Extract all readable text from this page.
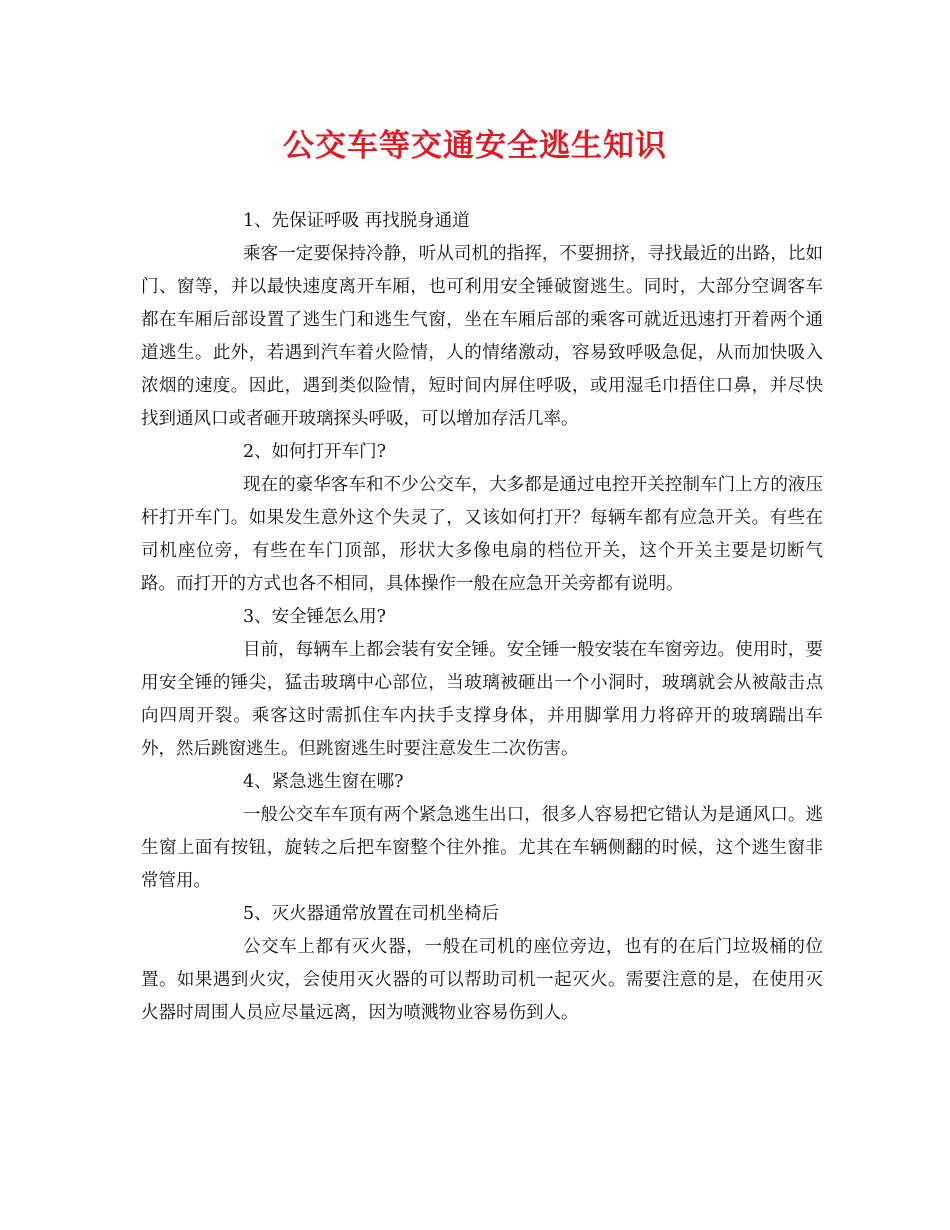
公交车等交通安全逃生知识

1、先保证呼吸 再找脱身通道

乘客一定要保持冷静，听从司机的指挥，不要拥挤，寻找最近的出路，比如门、窗等，并以最快速度离开车厢，也可利用安全锤破窗逃生。同时，大部分空调客车都在车厢后部设置了逃生门和逃生气窗，坐在车厢后部的乘客可就近迅速打开着两个通道逃生。此外，若遇到汽车着火险情，人的情绪激动，容易致呼吸急促，从而加快吸入浓烟的速度。因此，遇到类似险情，短时间内屏住呼吸，或用湿毛巾捂住口鼻，并尽快找到通风口或者砸开玻璃探头呼吸，可以增加存活几率。

2、如何打开车门?

现在的豪华客车和不少公交车，大多都是通过电控开关控制车门上方的液压杆打开车门。如果发生意外这个失灵了，又该如何打开？每辆车都有应急开关。有些在司机座位旁，有些在车门顶部，形状大多像电扇的档位开关，这个开关主要是切断气路。而打开的方式也各不相同，具体操作一般在应急开关旁都有说明。

3、安全锤怎么用?

目前，每辆车上都会装有安全锤。安全锤一般安装在车窗旁边。使用时，要用安全锤的锤尖，猛击玻璃中心部位，当玻璃被砸出一个小洞时，玻璃就会从被敲击点向四周开裂。乘客这时需抓住车内扶手支撑身体，并用脚掌用力将碎开的玻璃踹出车外，然后跳窗逃生。但跳窗逃生时要注意发生二次伤害。

4、紧急逃生窗在哪?

一般公交车车顶有两个紧急逃生出口，很多人容易把它错认为是通风口。逃生窗上面有按钮，旋转之后把车窗整个往外推。尤其在车辆侧翻的时候，这个逃生窗非常管用。

5、灭火器通常放置在司机坐椅后

公交车上都有灭火器，一般在司机的座位旁边，也有的在后门垃圾桶的位置。如果遇到火灾，会使用灭火器的可以帮助司机一起灭火。需要注意的是，在使用灭火器时周围人员应尽量远离，因为喷溅物业容易伤到人。
